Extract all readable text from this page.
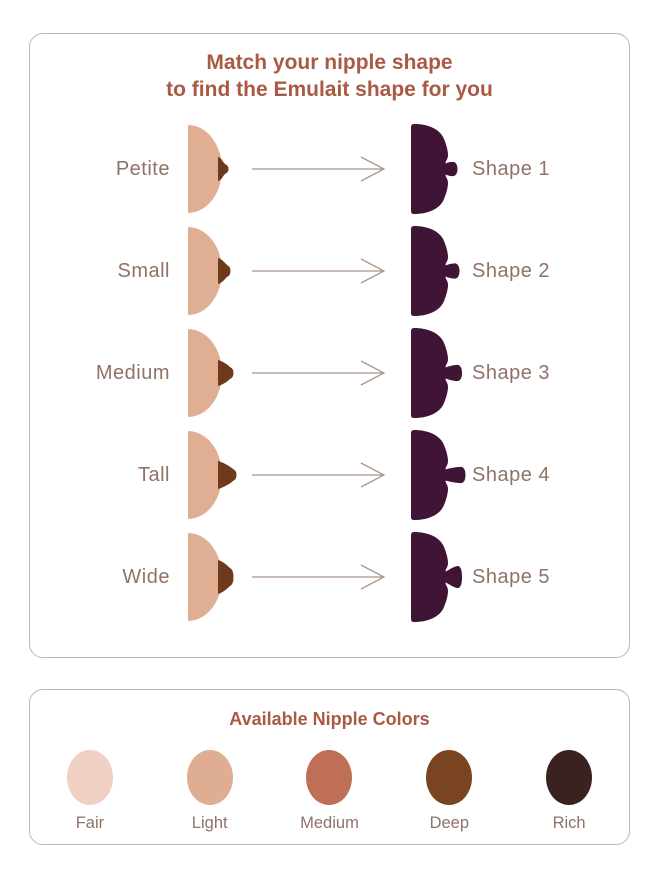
Match your nipple shape
to find the Emulait shape for you
Petite	Shape 1
Small	Shape 2
Medium	Shape 3
Tall	Shape 4
Wide	Shape 5
Available Nipple Colors
Fair	Light	Medium	Deep	Rich
